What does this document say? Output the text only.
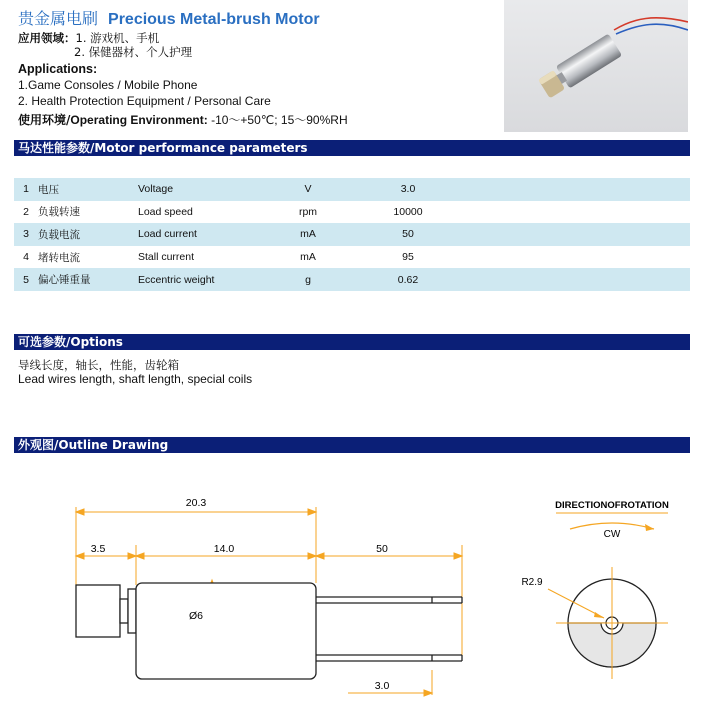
贵金属电刷 Precious Metal-brush Motor
应用领域：1. 游戏机、手机
2. 保健器材、个人护理
Applications:
1.Game Consoles / Mobile Phone
2. Health Protection Equipment / Personal Care
使用环境/Operating Environment: -10～+50℃; 15～90%RH
马达性能参数/Motor performance parameters
1	电压	Voltage	V	3.0	
2	负载转速	Load speed	rpm	10000	
3	负载电流	Load current	mA	50	
4	堵转电流	Stall current	mA	95	
5	偏心锤重量	Eccentric weight	g	0.62	
可选参数/Options
导线长度，轴长，性能，齿轮箱
Lead wires length, shaft length, special coils
外观图/Outline Drawing
20.3
3.5	14.0	50
Ø6
3.0
DIRECTIONOFROTATION
CW
R2.9
